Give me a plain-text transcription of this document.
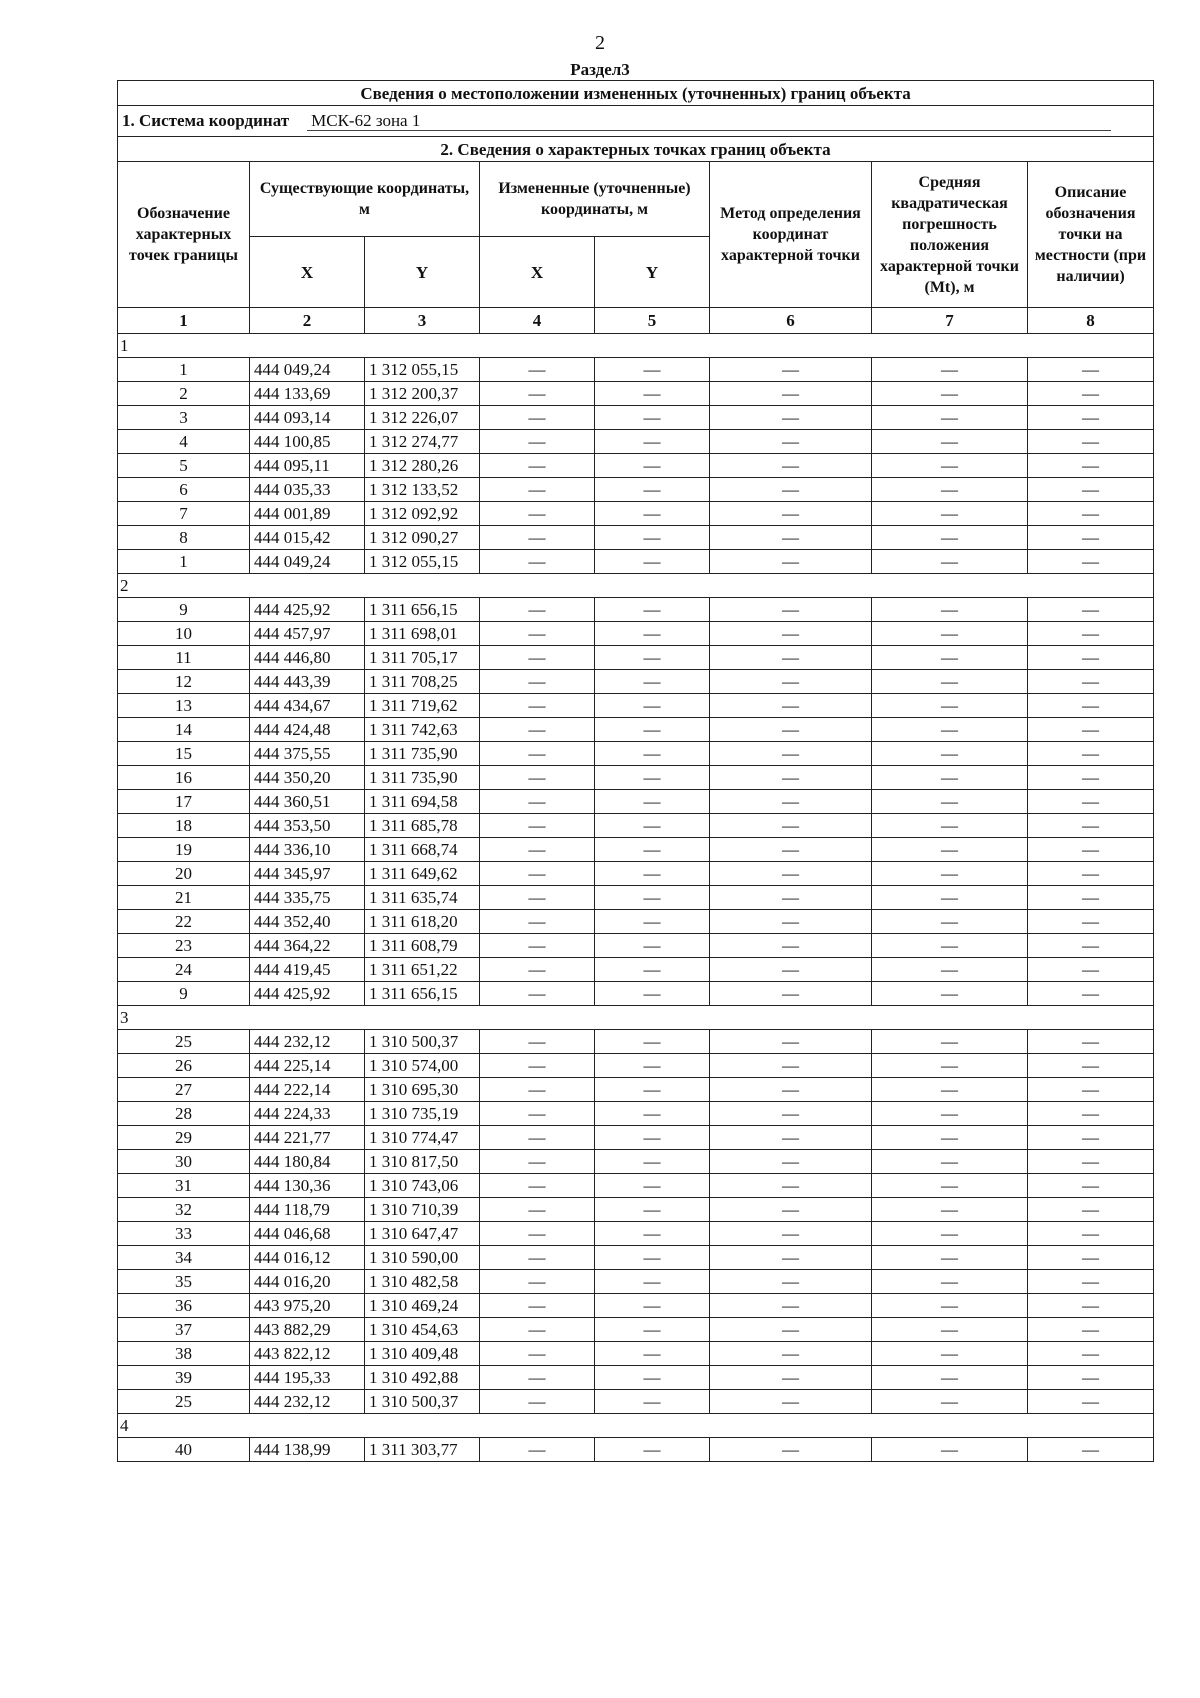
2
Раздел3
Сведения о местоположении измененных (уточненных) границ объекта							
1. Система координат МСК-62 зона 1							
2. Сведения о характерных точках границ объекта							
Обозначение характерных точек границы	Существующие координаты, м		Измененные (уточненные) координаты, м		Метод определения координат характерной точки	Средняя квадратическая погрешность положения характерной точки (Mt), м	Описание обозначения точки на местности (при наличии)
	X	Y	X	Y			
1	2	3	4	5	6	7	8
1							
1	444 049,24	1 312 055,15	—	—	—	—	—
2	444 133,69	1 312 200,37	—	—	—	—	—
3	444 093,14	1 312 226,07	—	—	—	—	—
4	444 100,85	1 312 274,77	—	—	—	—	—
5	444 095,11	1 312 280,26	—	—	—	—	—
6	444 035,33	1 312 133,52	—	—	—	—	—
7	444 001,89	1 312 092,92	—	—	—	—	—
8	444 015,42	1 312 090,27	—	—	—	—	—
1	444 049,24	1 312 055,15	—	—	—	—	—
2							
9	444 425,92	1 311 656,15	—	—	—	—	—
10	444 457,97	1 311 698,01	—	—	—	—	—
11	444 446,80	1 311 705,17	—	—	—	—	—
12	444 443,39	1 311 708,25	—	—	—	—	—
13	444 434,67	1 311 719,62	—	—	—	—	—
14	444 424,48	1 311 742,63	—	—	—	—	—
15	444 375,55	1 311 735,90	—	—	—	—	—
16	444 350,20	1 311 735,90	—	—	—	—	—
17	444 360,51	1 311 694,58	—	—	—	—	—
18	444 353,50	1 311 685,78	—	—	—	—	—
19	444 336,10	1 311 668,74	—	—	—	—	—
20	444 345,97	1 311 649,62	—	—	—	—	—
21	444 335,75	1 311 635,74	—	—	—	—	—
22	444 352,40	1 311 618,20	—	—	—	—	—
23	444 364,22	1 311 608,79	—	—	—	—	—
24	444 419,45	1 311 651,22	—	—	—	—	—
9	444 425,92	1 311 656,15	—	—	—	—	—
3							
25	444 232,12	1 310 500,37	—	—	—	—	—
26	444 225,14	1 310 574,00	—	—	—	—	—
27	444 222,14	1 310 695,30	—	—	—	—	—
28	444 224,33	1 310 735,19	—	—	—	—	—
29	444 221,77	1 310 774,47	—	—	—	—	—
30	444 180,84	1 310 817,50	—	—	—	—	—
31	444 130,36	1 310 743,06	—	—	—	—	—
32	444 118,79	1 310 710,39	—	—	—	—	—
33	444 046,68	1 310 647,47	—	—	—	—	—
34	444 016,12	1 310 590,00	—	—	—	—	—
35	444 016,20	1 310 482,58	—	—	—	—	—
36	443 975,20	1 310 469,24	—	—	—	—	—
37	443 882,29	1 310 454,63	—	—	—	—	—
38	443 822,12	1 310 409,48	—	—	—	—	—
39	444 195,33	1 310 492,88	—	—	—	—	—
25	444 232,12	1 310 500,37	—	—	—	—	—
4							
40	444 138,99	1 311 303,77	—	—	—	—	—
